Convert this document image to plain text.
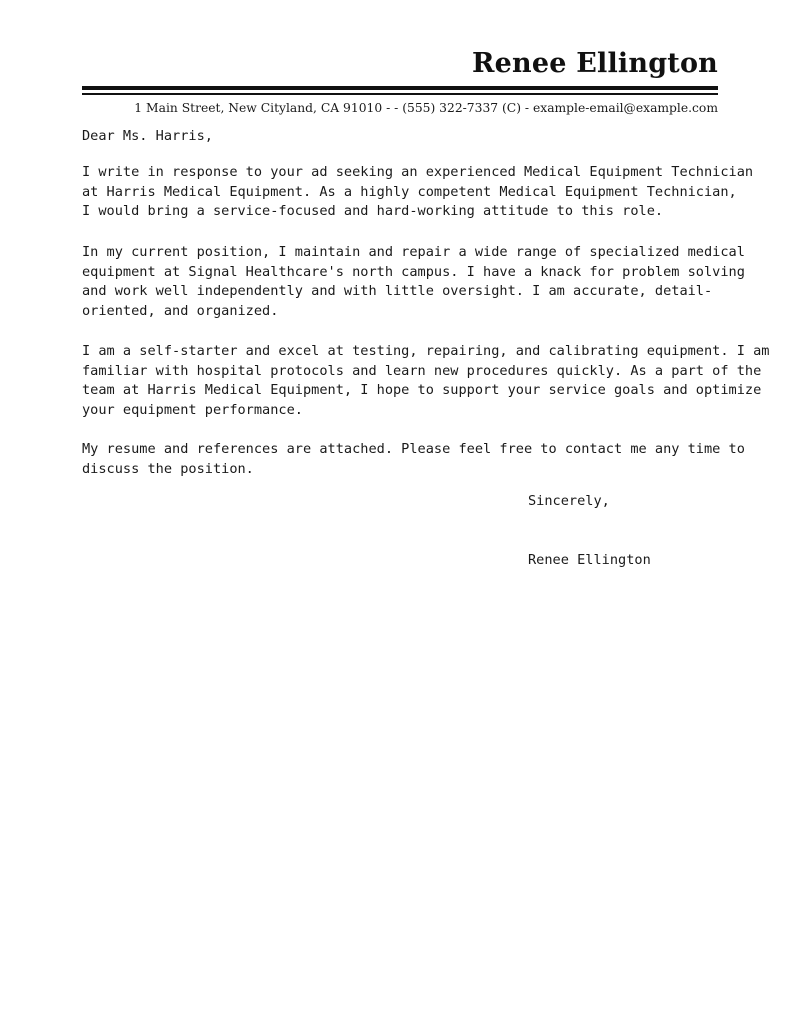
Renee Ellington
1 Main Street, New Cityland, CA 91010 - - (555) 322-7337 (C) - example-email@example.com

Dear Ms. Harris,

I write in response to your ad seeking an experienced Medical Equipment Technician
at Harris Medical Equipment. As a highly competent Medical Equipment Technician,
I would bring a service-focused and hard-working attitude to this role.

In my current position, I maintain and repair a wide range of specialized medical
equipment at Signal Healthcare's north campus. I have a knack for problem solving
and work well independently and with little oversight. I am accurate, detail-
oriented, and organized.

I am a self-starter and excel at testing, repairing, and calibrating equipment. I am
familiar with hospital protocols and learn new procedures quickly. As a part of the
team at Harris Medical Equipment, I hope to support your service goals and optimize
your equipment performance.

My resume and references are attached. Please feel free to contact me any time to
discuss the position.

Sincerely,
Renee Ellington
